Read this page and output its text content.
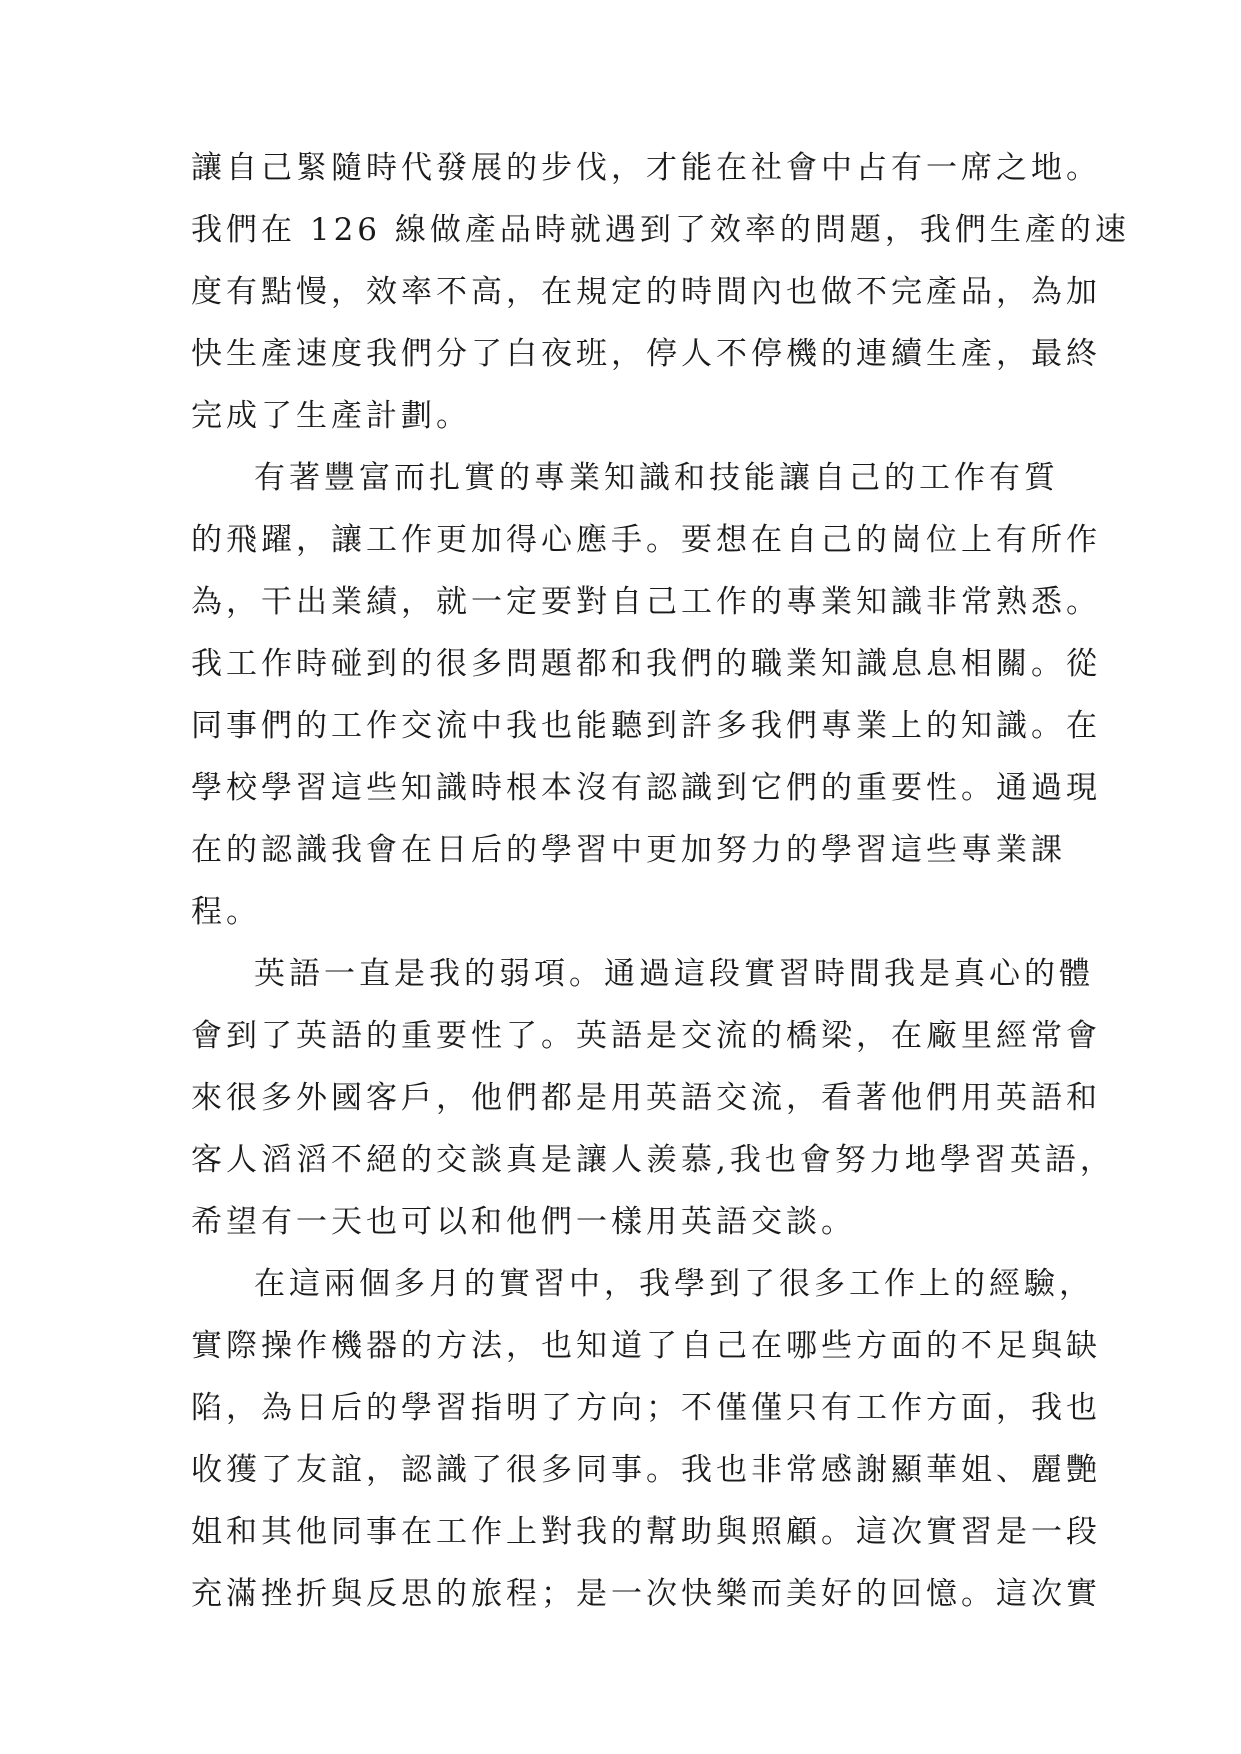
讓自己緊隨時代發展的步伐，才能在社會中占有一席之地。
我們在 126 線做產品時就遇到了效率的問題，我們生產的速
度有點慢，效率不高，在規定的時間內也做不完產品，為加
快生產速度我們分了白夜班，停人不停機的連續生產，最終
完成了生產計劃。
有著豐富而扎實的專業知識和技能讓自己的工作有質
的飛躍，讓工作更加得心應手。要想在自己的崗位上有所作
為，干出業績，就一定要對自己工作的專業知識非常熟悉。
我工作時碰到的很多問題都和我們的職業知識息息相關。從
同事們的工作交流中我也能聽到許多我們專業上的知識。在
學校學習這些知識時根本沒有認識到它們的重要性。通過現
在的認識我會在日后的學習中更加努力的學習這些專業課
程。
英語一直是我的弱項。通過這段實習時間我是真心的體
會到了英語的重要性了。英語是交流的橋梁，在廠里經常會
來很多外國客戶，他們都是用英語交流，看著他們用英語和
客人滔滔不絕的交談真是讓人羨慕,我也會努力地學習英語，
希望有一天也可以和他們一樣用英語交談。
在這兩個多月的實習中，我學到了很多工作上的經驗，
實際操作機器的方法，也知道了自己在哪些方面的不足與缺
陷，為日后的學習指明了方向；不僅僅只有工作方面，我也
收獲了友誼，認識了很多同事。我也非常感謝顯華姐、麗艷
姐和其他同事在工作上對我的幫助與照顧。這次實習是一段
充滿挫折與反思的旅程；是一次快樂而美好的回憶。這次實
